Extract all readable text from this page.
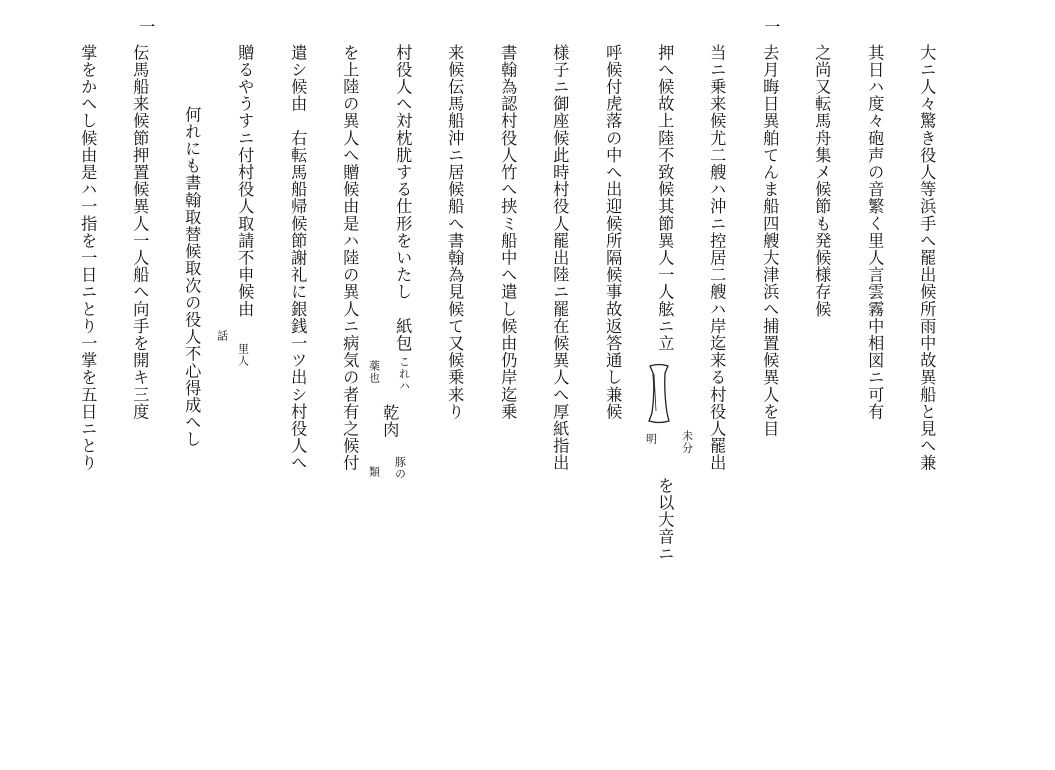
大ニ人々驚き役人等浜手へ罷出候所雨中故異船と見へ兼
其日ハ度々砲声の音繁く里人言雲霧中相図ニ可有
之尚又転馬舟集メ候節も発候様存候
一
去月晦日異舶てんま船四艘大津浜へ捕置候異人を目
当ニ乗来候尤二艘ハ沖ニ控居二艘ハ岸迄来る村役人罷出
押へ候故上陸不致候其節異人一人舷ニ立
未分
明
を以大音ニ
呼候付虎落の中へ出迎候所隔候事故返答通し兼候
様子ニ御座候此時村役人罷出陸ニ罷在候異人へ厚紙指出
書翰為認村役人竹へ挟ミ船中へ遣し候由仍岸迄乗
来候伝馬船沖ニ居候船へ書翰為見候て又候乗来り
村役人へ対枕肬する仕形をいたし　紙包
これハ
薬也
乾肉
豚の
類
を上陸の異人へ贈候由是ハ陸の異人ニ病気の者有之候付
遣シ候由　右転馬船帰候節謝礼に銀銭一ツ出シ村役人へ
贈るやうすニ付村役人取請不申候由
里人
話
何れにも書翰取替候取次の役人不心得成へし
一
伝馬船来候節押置候異人一人船へ向手を開キ三度
掌をかへし候由是ハ一指を一日ニとり一掌を五日ニとり
